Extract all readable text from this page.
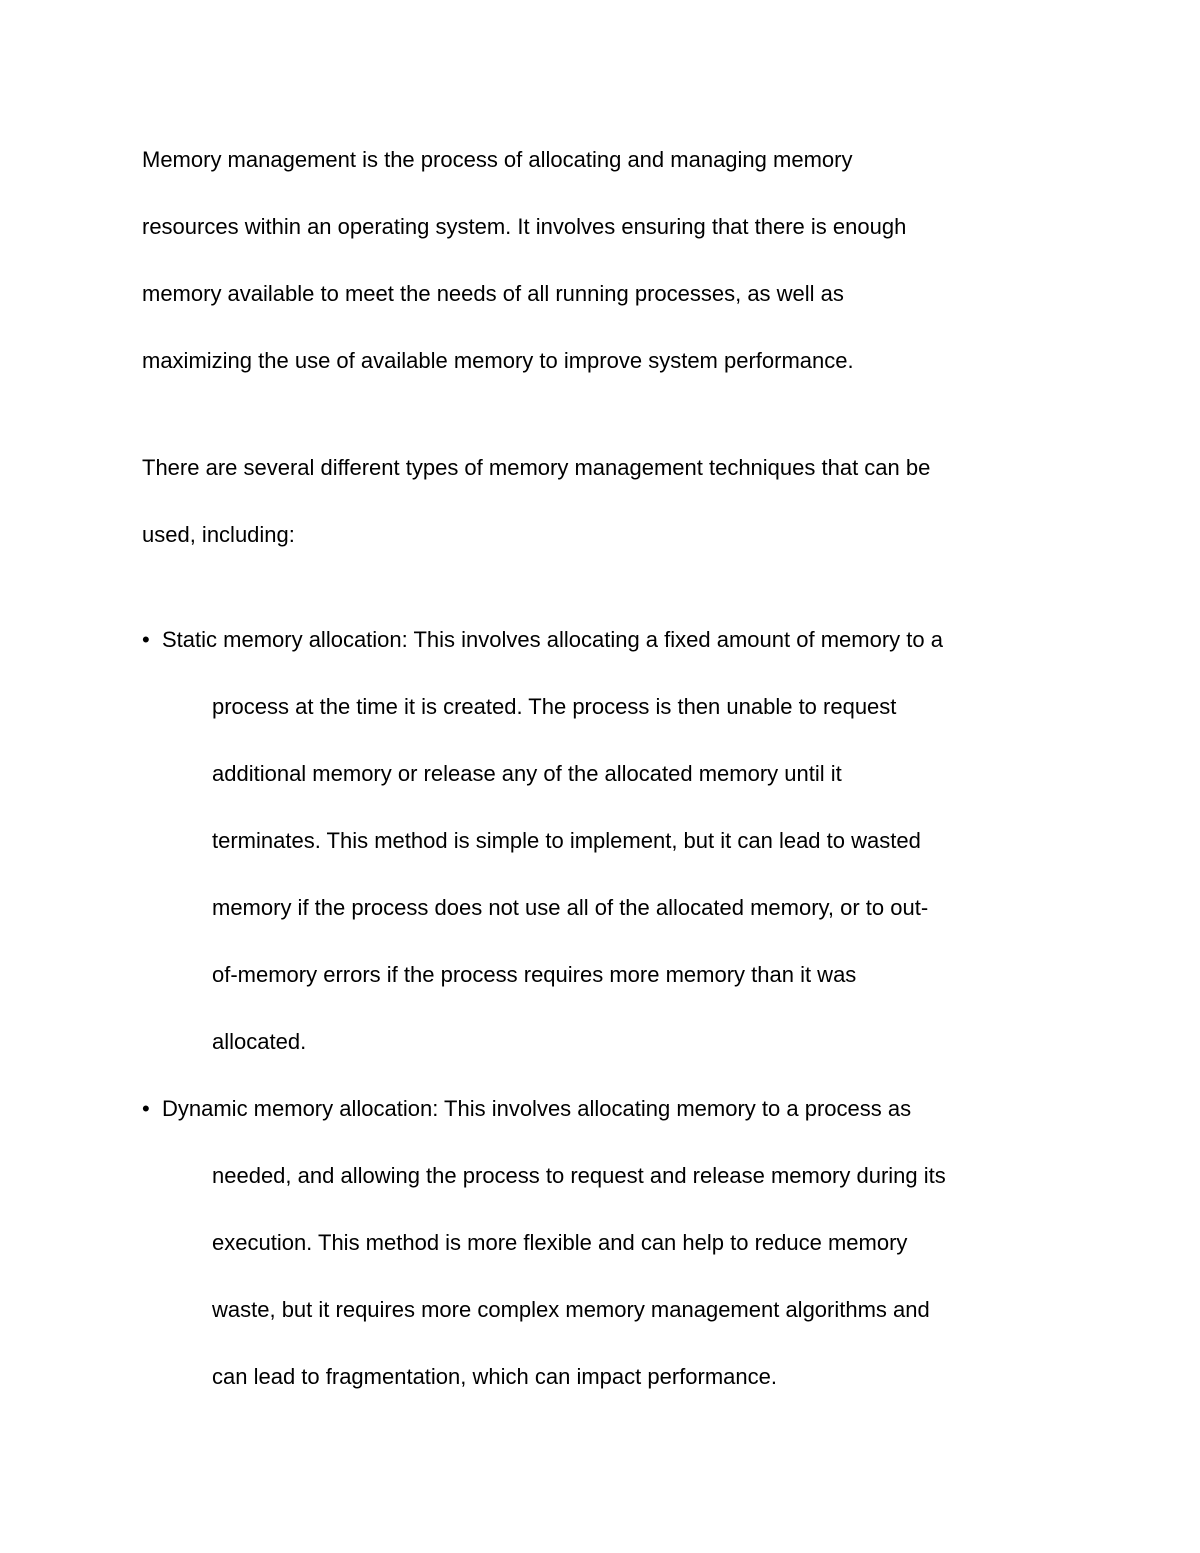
Memory management is the process of allocating and managing memory
resources within an operating system. It involves ensuring that there is enough
memory available to meet the needs of all running processes, as well as
maximizing the use of available memory to improve system performance.
There are several different types of memory management techniques that can be
used, including:
• Static memory allocation: This involves allocating a fixed amount of memory to a
process at the time it is created. The process is then unable to request
additional memory or release any of the allocated memory until it
terminates. This method is simple to implement, but it can lead to wasted
memory if the process does not use all of the allocated memory, or to out-
of-memory errors if the process requires more memory than it was
allocated.
• Dynamic memory allocation: This involves allocating memory to a process as
needed, and allowing the process to request and release memory during its
execution. This method is more flexible and can help to reduce memory
waste, but it requires more complex memory management algorithms and
can lead to fragmentation, which can impact performance.
